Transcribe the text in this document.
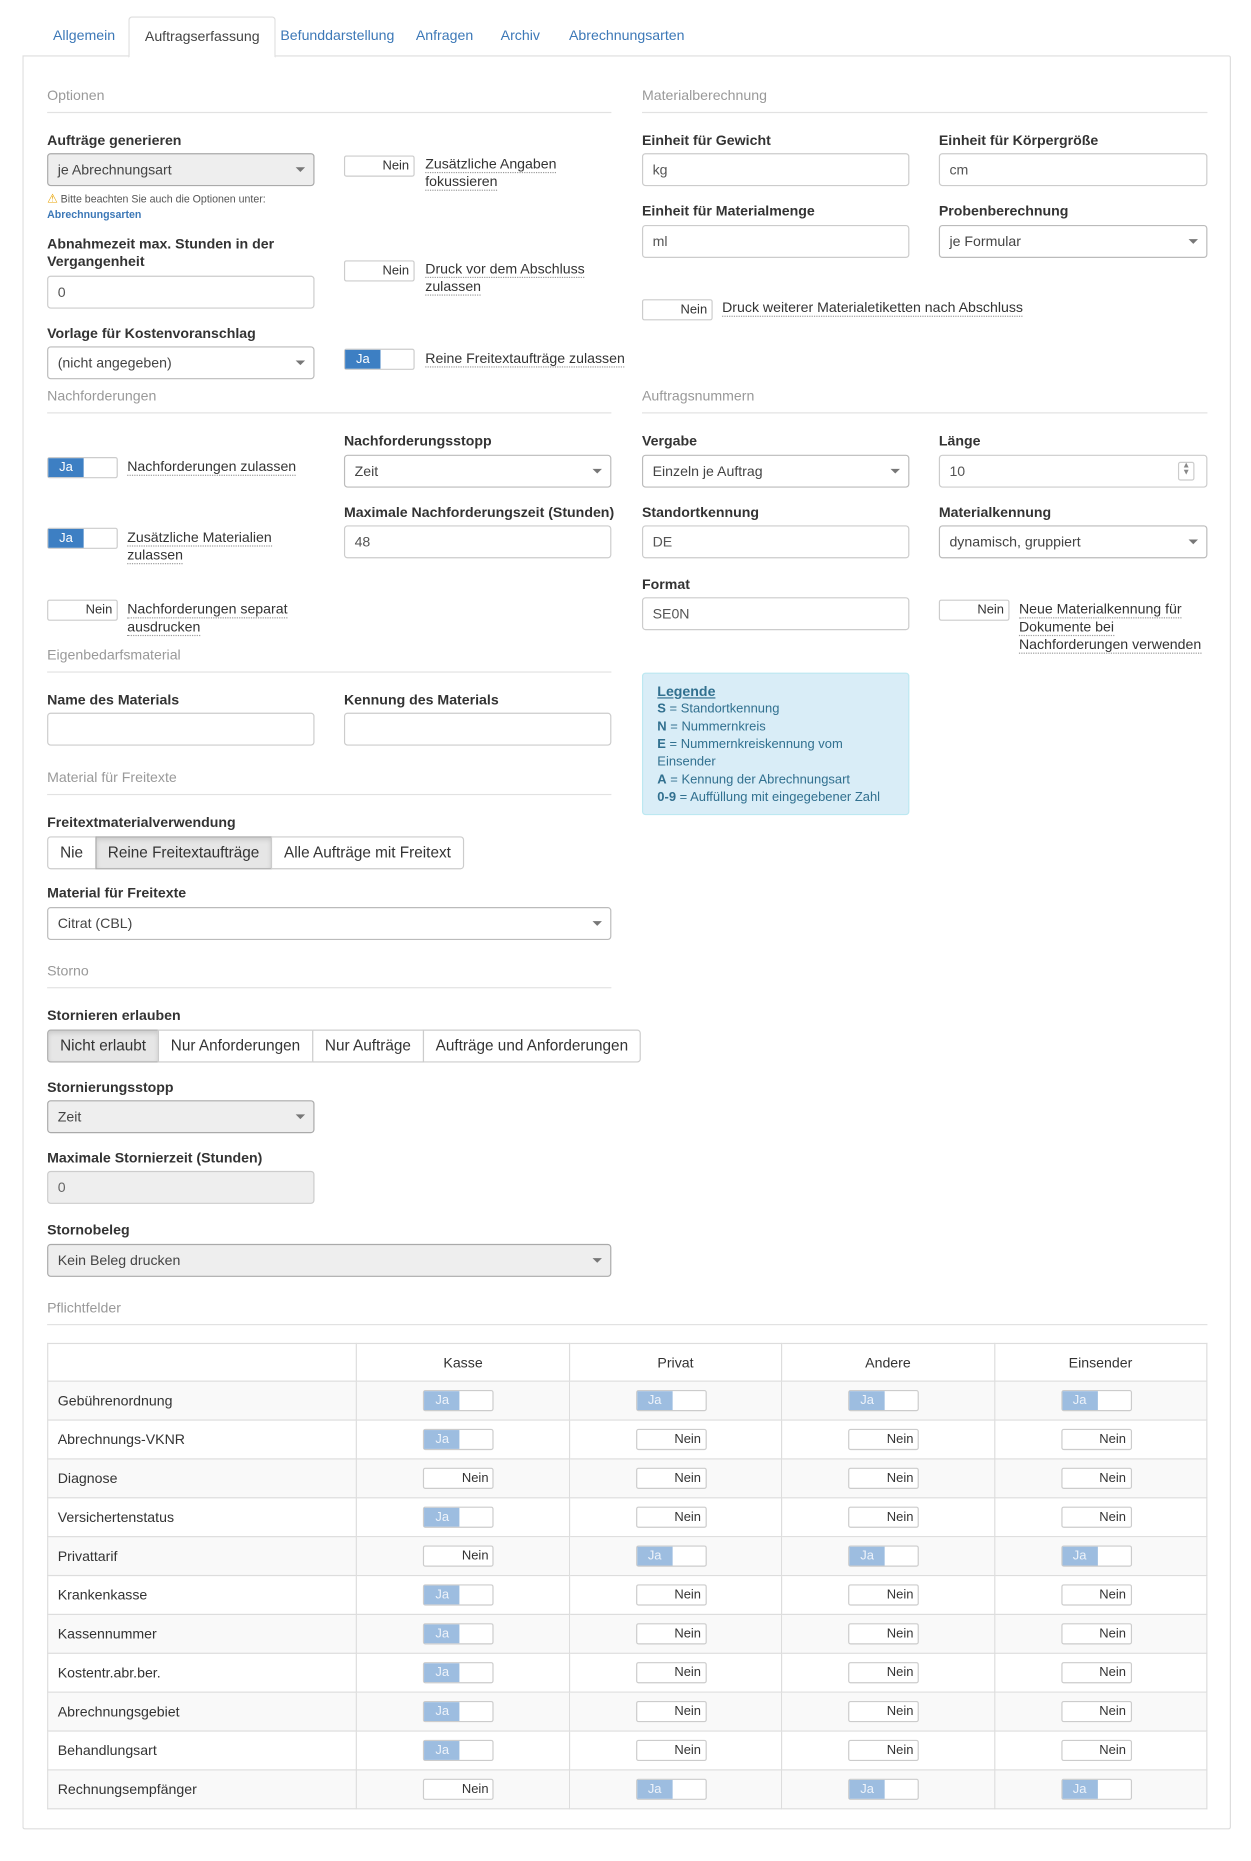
Allgemein	Auftragserfassung	Befunddarstellung	Anfragen	Archiv	Abrechnungsarten
Optionen
Aufträge generieren
je Abrechnungsart
⚠ Bitte beachten Sie auch die Optionen unter:
Abrechnungsarten
Abnahmezeit max. Stunden in der Vergangenheit
0
Vorlage für Kostenvoranschlag
(nicht angegeben)
Nein	Zusätzliche Angaben fokussieren
Nein	Druck vor dem Abschluss zulassen
Ja	Reine Freitextaufträge zulassen
Materialberechnung
Einheit für Gewicht
kg
Einheit für Körpergröße
cm
Einheit für Materialmenge
ml
Probenberechnung
je Formular
Nein	Druck weiterer Materialetiketten nach Abschluss
Nachforderungen
Ja	Nachforderungen zulassen
Ja	Zusätzliche Materialien zulassen
Nein	Nachforderungen separat ausdrucken
Nachforderungsstopp
Zeit
Maximale Nachforderungszeit (Stunden)
48
Auftragsnummern
Vergabe
Einzeln je Auftrag
Länge
10	▲
▼
Standortkennung
DE
Materialkennung
dynamisch, gruppiert
Format
SE0N	Nein	Neue Materialkennung für Dokumente bei Nachforderungen verwenden
Legende
S = Standortkennung
N = Nummernkreis
E = Nummernkreiskennung vom Einsender
A = Kennung der Abrechnungsart
0-9 = Auffüllung mit eingegebener Zahl
Eigenbedarfsmaterial
Name des Materials	Kennung des Materials
Material für Freitexte
Freitextmaterialverwendung
Nie	Reine Freitextaufträge	Alle Aufträge mit Freitext
Material für Freitexte
Citrat (CBL)
Storno
Stornieren erlauben
Nicht erlaubt	Nur Anforderungen	Nur Aufträge	Aufträge und Anforderungen
Stornierungsstopp
Zeit
Maximale Stornierzeit (Stunden)
0
Stornobeleg
Kein Beleg drucken
Pflichtfelder
	Kasse	Privat	Andere	Einsender
Gebührenordnung	Ja	Ja	Ja	Ja

Abrechnungs-VKNR	Ja	Nein	Nein	Nein

Diagnose	Nein	Nein	Nein	Nein

Versichertenstatus	Ja	Nein	Nein	Nein

Privattarif	Nein	Ja	Ja	Ja

Krankenkasse	Ja	Nein	Nein	Nein

Kassennummer	Ja	Nein	Nein	Nein

Kostentr.abr.ber.	Ja	Nein	Nein	Nein

Abrechnungsgebiet	Ja	Nein	Nein	Nein

Behandlungsart	Ja	Nein	Nein	Nein

Rechnungsempfänger	Nein	Ja	Ja	Ja
